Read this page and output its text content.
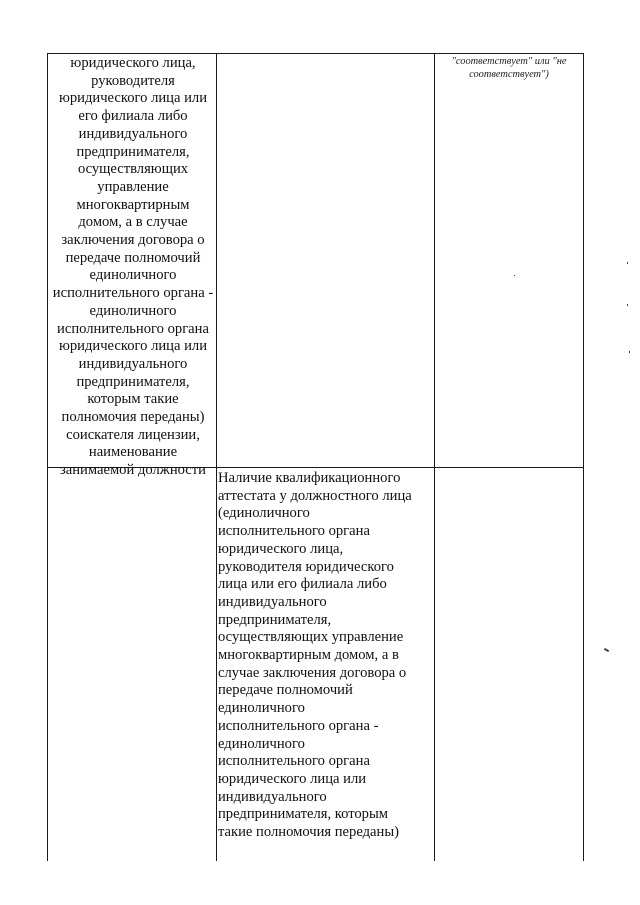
юридического лица,
руководителя
юридического лица или
его филиала либо
индивидуального
предпринимателя,
осуществляющих
управление
многоквартирным
домом, а в случае
заключения договора о
передаче полномочий
единоличного
исполнительного органа -
единоличного
исполнительного органа
юридического лица или
индивидуального
предпринимателя,
которым такие
полномочия переданы)
соискателя лицензии,
наименование
занимаемой должности
"соответствует" или "не
соответствует")
Наличие квалификационного
аттестата у должностного лица
(единоличного
исполнительного органа
юридического лица,
руководителя юридического
лица или его филиала либо
индивидуального
предпринимателя,
осуществляющих управление
многоквартирным домом, а в
случае заключения договора о
передаче полномочий
единоличного
исполнительного органа -
единоличного
исполнительного органа
юридического лица или
индивидуального
предпринимателя, которым
такие полномочия переданы)
